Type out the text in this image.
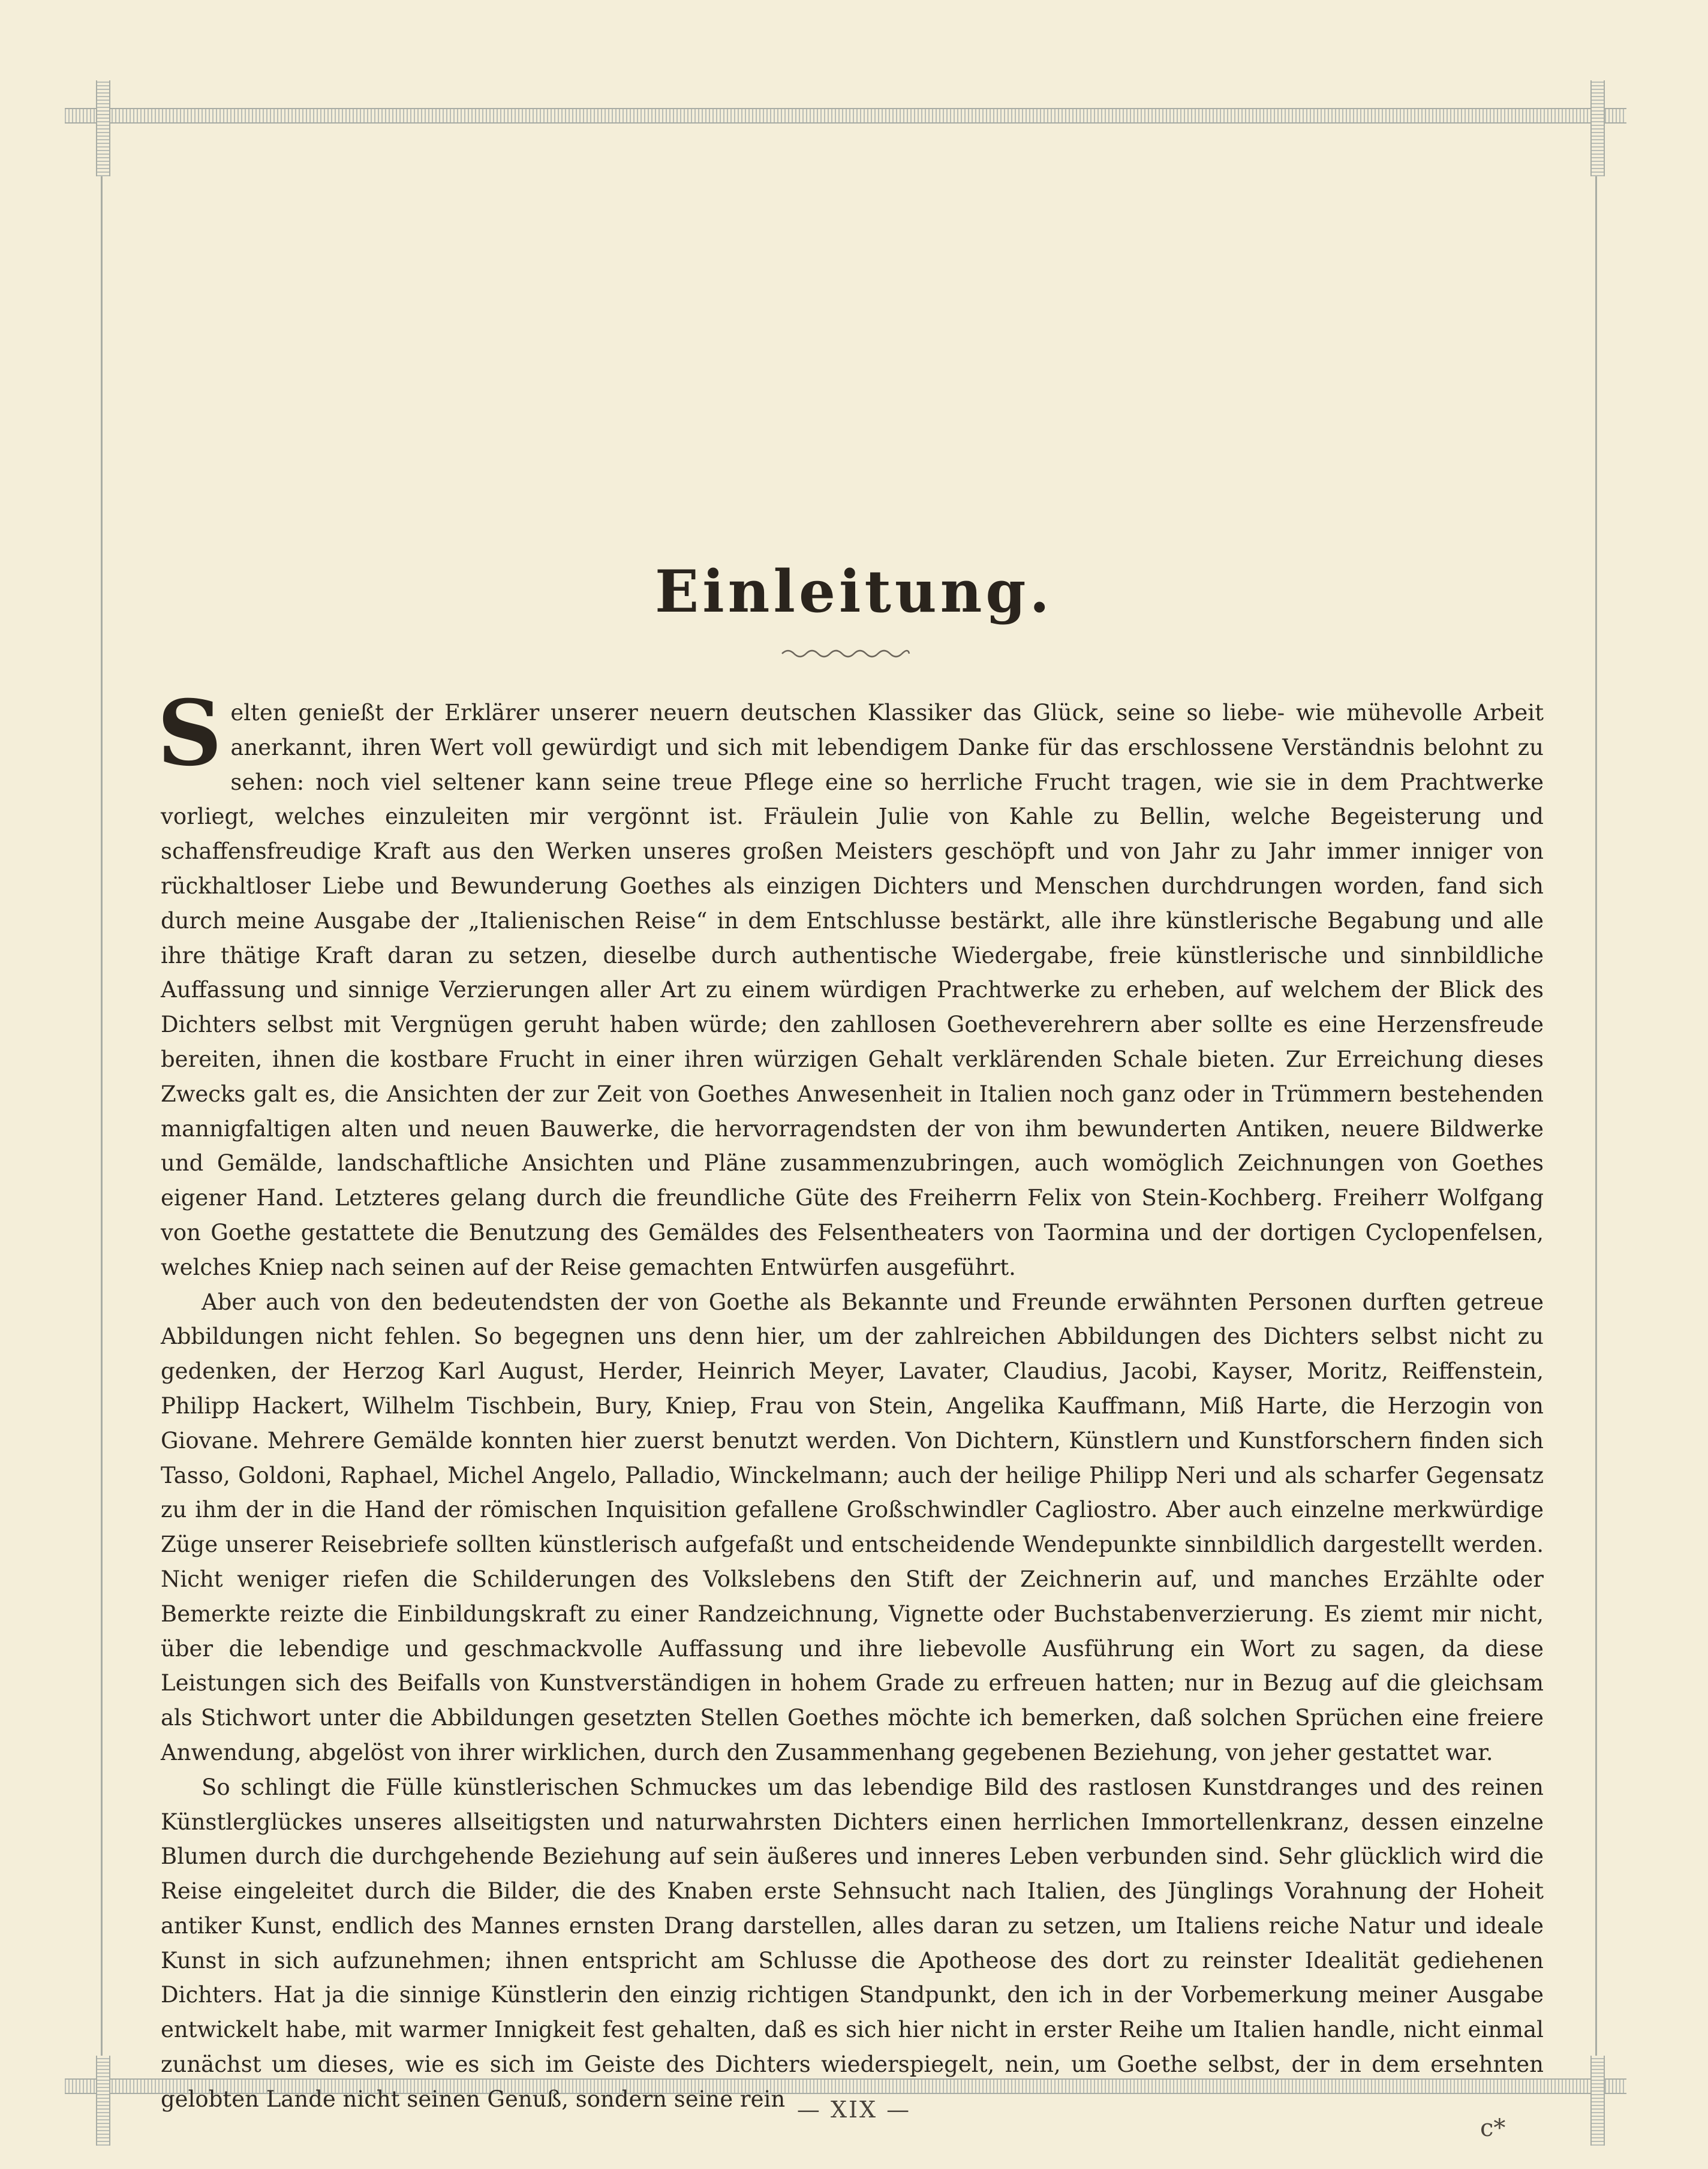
Einleitung.

Selten genießt der Erklärer unserer neuern deutschen Klassiker das Glück, seine so liebe- wie mühevolle Arbeit anerkannt, ihren Wert voll gewürdigt und sich mit lebendigem Danke für das erschlossene Verständnis belohnt zu sehen: noch viel seltener kann seine treue Pflege eine so herrliche Frucht tragen, wie sie in dem Prachtwerke vorliegt, welches einzuleiten mir vergönnt ist. Fräulein Julie von Kahle zu Bellin, welche Begeisterung und schaffensfreudige Kraft aus den Werken unseres großen Meisters geschöpft und von Jahr zu Jahr immer inniger von rückhaltloser Liebe und Bewunderung Goethes als einzigen Dichters und Menschen durchdrungen worden, fand sich durch meine Ausgabe der „Italienischen Reise“ in dem Entschlusse bestärkt, alle ihre künstlerische Begabung und alle ihre thätige Kraft daran zu setzen, dieselbe durch authentische Wiedergabe, freie künstlerische und sinnbildliche Auffassung und sinnige Verzierungen aller Art zu einem würdigen Prachtwerke zu erheben, auf welchem der Blick des Dichters selbst mit Vergnügen geruht haben würde; den zahllosen Goetheverehrern aber sollte es eine Herzensfreude bereiten, ihnen die kostbare Frucht in einer ihren würzigen Gehalt verklärenden Schale bieten. Zur Erreichung dieses Zwecks galt es, die Ansichten der zur Zeit von Goethes Anwesenheit in Italien noch ganz oder in Trümmern bestehenden mannigfaltigen alten und neuen Bauwerke, die hervorragendsten der von ihm bewunderten Antiken, neuere Bildwerke und Gemälde, landschaftliche Ansichten und Pläne zusammenzubringen, auch womöglich Zeichnungen von Goethes eigener Hand. Letzteres gelang durch die freundliche Güte des Freiherrn Felix von Stein-Kochberg. Freiherr Wolfgang von Goethe gestattete die Benutzung des Gemäldes des Felsentheaters von Taormina und der dortigen Cyclopenfelsen, welches Kniep nach seinen auf der Reise gemachten Entwürfen ausgeführt.

Aber auch von den bedeutendsten der von Goethe als Bekannte und Freunde erwähnten Personen durften getreue Abbildungen nicht fehlen. So begegnen uns denn hier, um der zahlreichen Abbildungen des Dichters selbst nicht zu gedenken, der Herzog Karl August, Herder, Heinrich Meyer, Lavater, Claudius, Jacobi, Kayser, Moritz, Reiffenstein, Philipp Hackert, Wilhelm Tischbein, Bury, Kniep, Frau von Stein, Angelika Kauffmann, Miß Harte, die Herzogin von Giovane. Mehrere Gemälde konnten hier zuerst benutzt werden. Von Dichtern, Künstlern und Kunstforschern finden sich Tasso, Goldoni, Raphael, Michel Angelo, Palladio, Winckelmann; auch der heilige Philipp Neri und als scharfer Gegensatz zu ihm der in die Hand der römischen Inquisition gefallene Großschwindler Cagliostro. Aber auch einzelne merkwürdige Züge unserer Reisebriefe sollten künstlerisch aufgefaßt und entscheidende Wendepunkte sinnbildlich dargestellt werden. Nicht weniger riefen die Schilderungen des Volkslebens den Stift der Zeichnerin auf, und manches Erzählte oder Bemerkte reizte die Einbildungskraft zu einer Randzeichnung, Vignette oder Buchstabenverzierung. Es ziemt mir nicht, über die lebendige und geschmackvolle Auffassung und ihre liebevolle Ausführung ein Wort zu sagen, da diese Leistungen sich des Beifalls von Kunstverständigen in hohem Grade zu erfreuen hatten; nur in Bezug auf die gleichsam als Stichwort unter die Abbildungen gesetzten Stellen Goethes möchte ich bemerken, daß solchen Sprüchen eine freiere Anwendung, abgelöst von ihrer wirklichen, durch den Zusammenhang gegebenen Beziehung, von jeher gestattet war.

So schlingt die Fülle künstlerischen Schmuckes um das lebendige Bild des rastlosen Kunstdranges und des reinen Künstlerglückes unseres allseitigsten und naturwahrsten Dichters einen herrlichen Immortellenkranz, dessen einzelne Blumen durch die durchgehende Beziehung auf sein äußeres und inneres Leben verbunden sind. Sehr glücklich wird die Reise eingeleitet durch die Bilder, die des Knaben erste Sehnsucht nach Italien, des Jünglings Vorahnung der Hoheit antiker Kunst, endlich des Mannes ernsten Drang darstellen, alles daran zu setzen, um Italiens reiche Natur und ideale Kunst in sich aufzunehmen; ihnen entspricht am Schlusse die Apotheose des dort zu reinster Idealität gediehenen Dichters. Hat ja die sinnige Künstlerin den einzig richtigen Standpunkt, den ich in der Vorbemerkung meiner Ausgabe entwickelt habe, mit warmer Innigkeit fest gehalten, daß es sich hier nicht in erster Reihe um Italien handle, nicht einmal zunächst um dieses, wie es sich im Geiste des Dichters wiederspiegelt, nein, um Goethe selbst, der in dem ersehnten gelobten Lande nicht seinen Genuß, sondern seine rein — XIX —
c*
